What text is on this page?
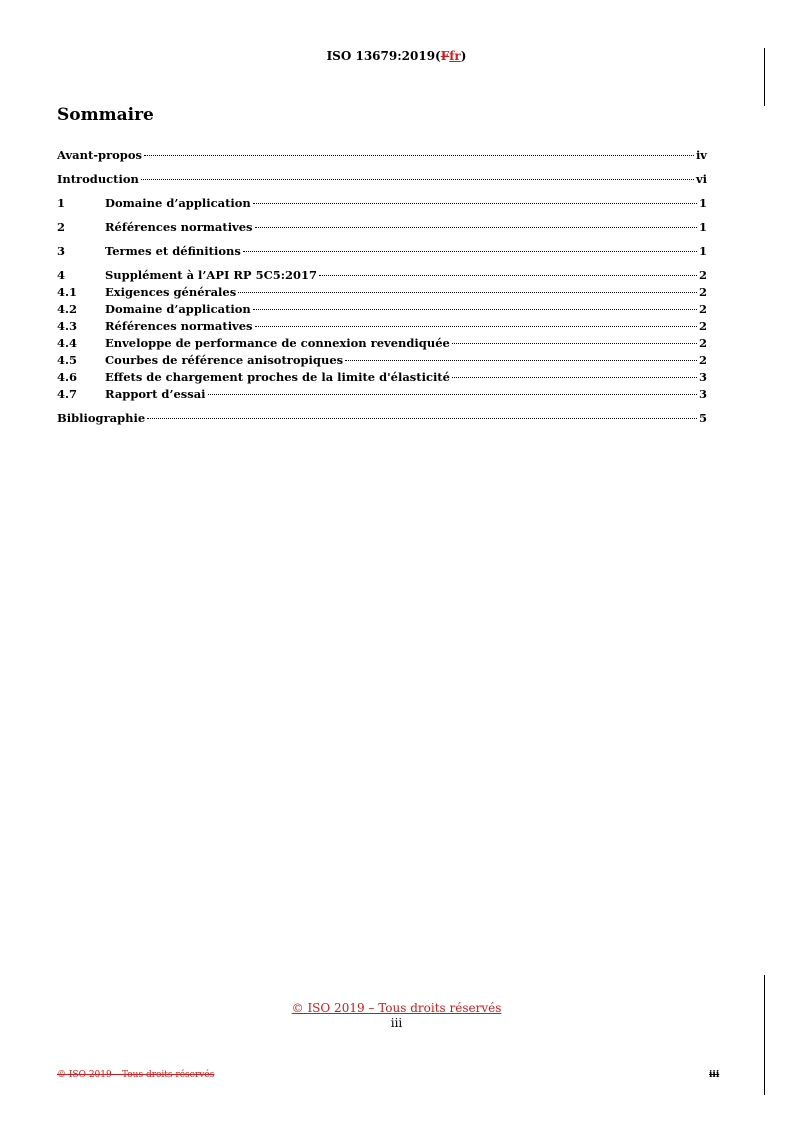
ISO 13679:2019(Ffr)
Sommaire
Avant-propos	iv
Introduction	vi
1	Domaine d’application	1
2	Références normatives	1
3	Termes et définitions	1
4	Supplément à l’API RP 5C5:2017	2
4.1	Exigences générales	2
4.2	Domaine d’application	2
4.3	Références normatives	2
4.4	Enveloppe de performance de connexion revendiquée	2
4.5	Courbes de référence anisotropiques	2
4.6	Effets de chargement proches de la limite d'élasticité	3
4.7	Rapport d’essai	3
Bibliographie	5
© ISO 2019 – Tous droits réservés
iii
© ISO 2019 – Tous droits réservés	iii
